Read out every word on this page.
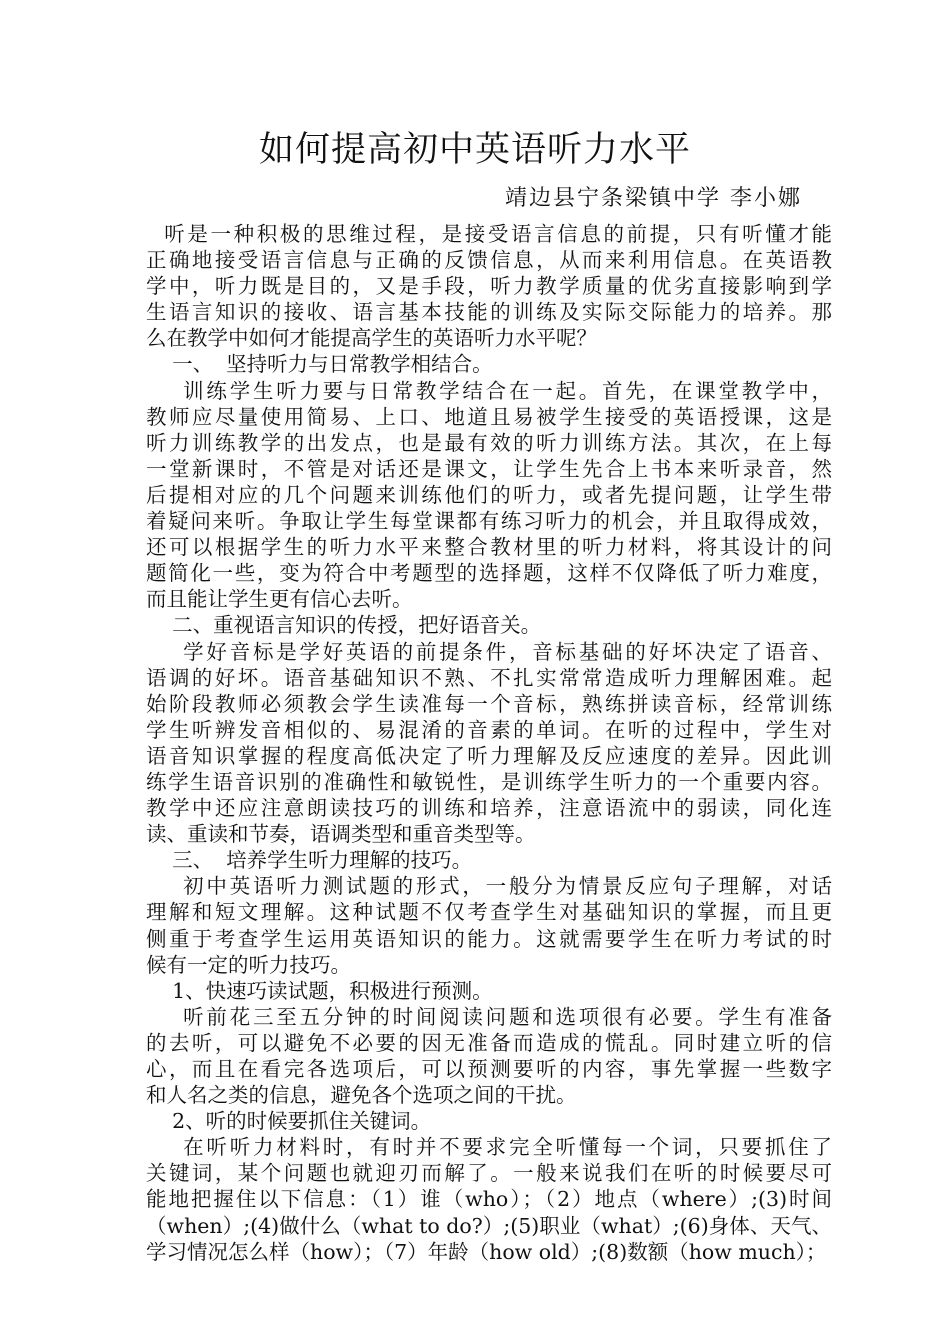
如何提高初中英语听力水平
靖边县宁条梁镇中学 李小娜
听是一种积极的思维过程，是接受语言信息的前提，只有听懂才能
正确地接受语言信息与正确的反馈信息，从而来利用信息。在英语教
学中，听力既是目的，又是手段，听力教学质量的优劣直接影响到学
生语言知识的接收、语言基本技能的训练及实际交际能力的培养。那
么在教学中如何才能提高学生的英语听力水平呢？
一、  坚持听力与日常教学相结合。
训练学生听力要与日常教学结合在一起。首先，在课堂教学中，
教师应尽量使用简易、上口、地道且易被学生接受的英语授课，这是
听力训练教学的出发点，也是最有效的听力训练方法。其次，在上每
一堂新课时，不管是对话还是课文，让学生先合上书本来听录音，然
后提相对应的几个问题来训练他们的听力，或者先提问题，让学生带
着疑问来听。争取让学生每堂课都有练习听力的机会，并且取得成效，
还可以根据学生的听力水平来整合教材里的听力材料，将其设计的问
题简化一些，变为符合中考题型的选择题，这样不仅降低了听力难度，
而且能让学生更有信心去听。
二、重视语言知识的传授，把好语音关。
学好音标是学好英语的前提条件，音标基础的好坏决定了语音、
语调的好坏。语音基础知识不熟、不扎实常常造成听力理解困难。起
始阶段教师必须教会学生读准每一个音标，熟练拼读音标，经常训练
学生听辨发音相似的、易混淆的音素的单词。在听的过程中，学生对
语音知识掌握的程度高低决定了听力理解及反应速度的差异。因此训
练学生语音识别的准确性和敏锐性，是训练学生听力的一个重要内容。
教学中还应注意朗读技巧的训练和培养，注意语流中的弱读，同化连
读、重读和节奏，语调类型和重音类型等。
三、  培养学生听力理解的技巧。
初中英语听力测试题的形式，一般分为情景反应句子理解，对话
理解和短文理解。这种试题不仅考查学生对基础知识的掌握，而且更
侧重于考查学生运用英语知识的能力。这就需要学生在听力考试的时
候有一定的听力技巧。
1、快速巧读试题，积极进行预测。
听前花三至五分钟的时间阅读问题和选项很有必要。学生有准备
的去听，可以避免不必要的因无准备而造成的慌乱。同时建立听的信
心，而且在看完各选项后，可以预测要听的内容，事先掌握一些数字
和人名之类的信息，避免各个选项之间的干扰。
2、听的时候要抓住关键词。
在听听力材料时，有时并不要求完全听懂每一个词，只要抓住了
关键词，某个问题也就迎刃而解了。一般来说我们在听的时候要尽可
能地把握住以下信息：（1）谁（who）；（2）地点（where）;(3)时间
（when）;(4)做什么（what to do?）;(5)职业（what）;(6)身体、天气、
学习情况怎么样（how）；（7）年龄（how old）;(8)数额（how much）；
